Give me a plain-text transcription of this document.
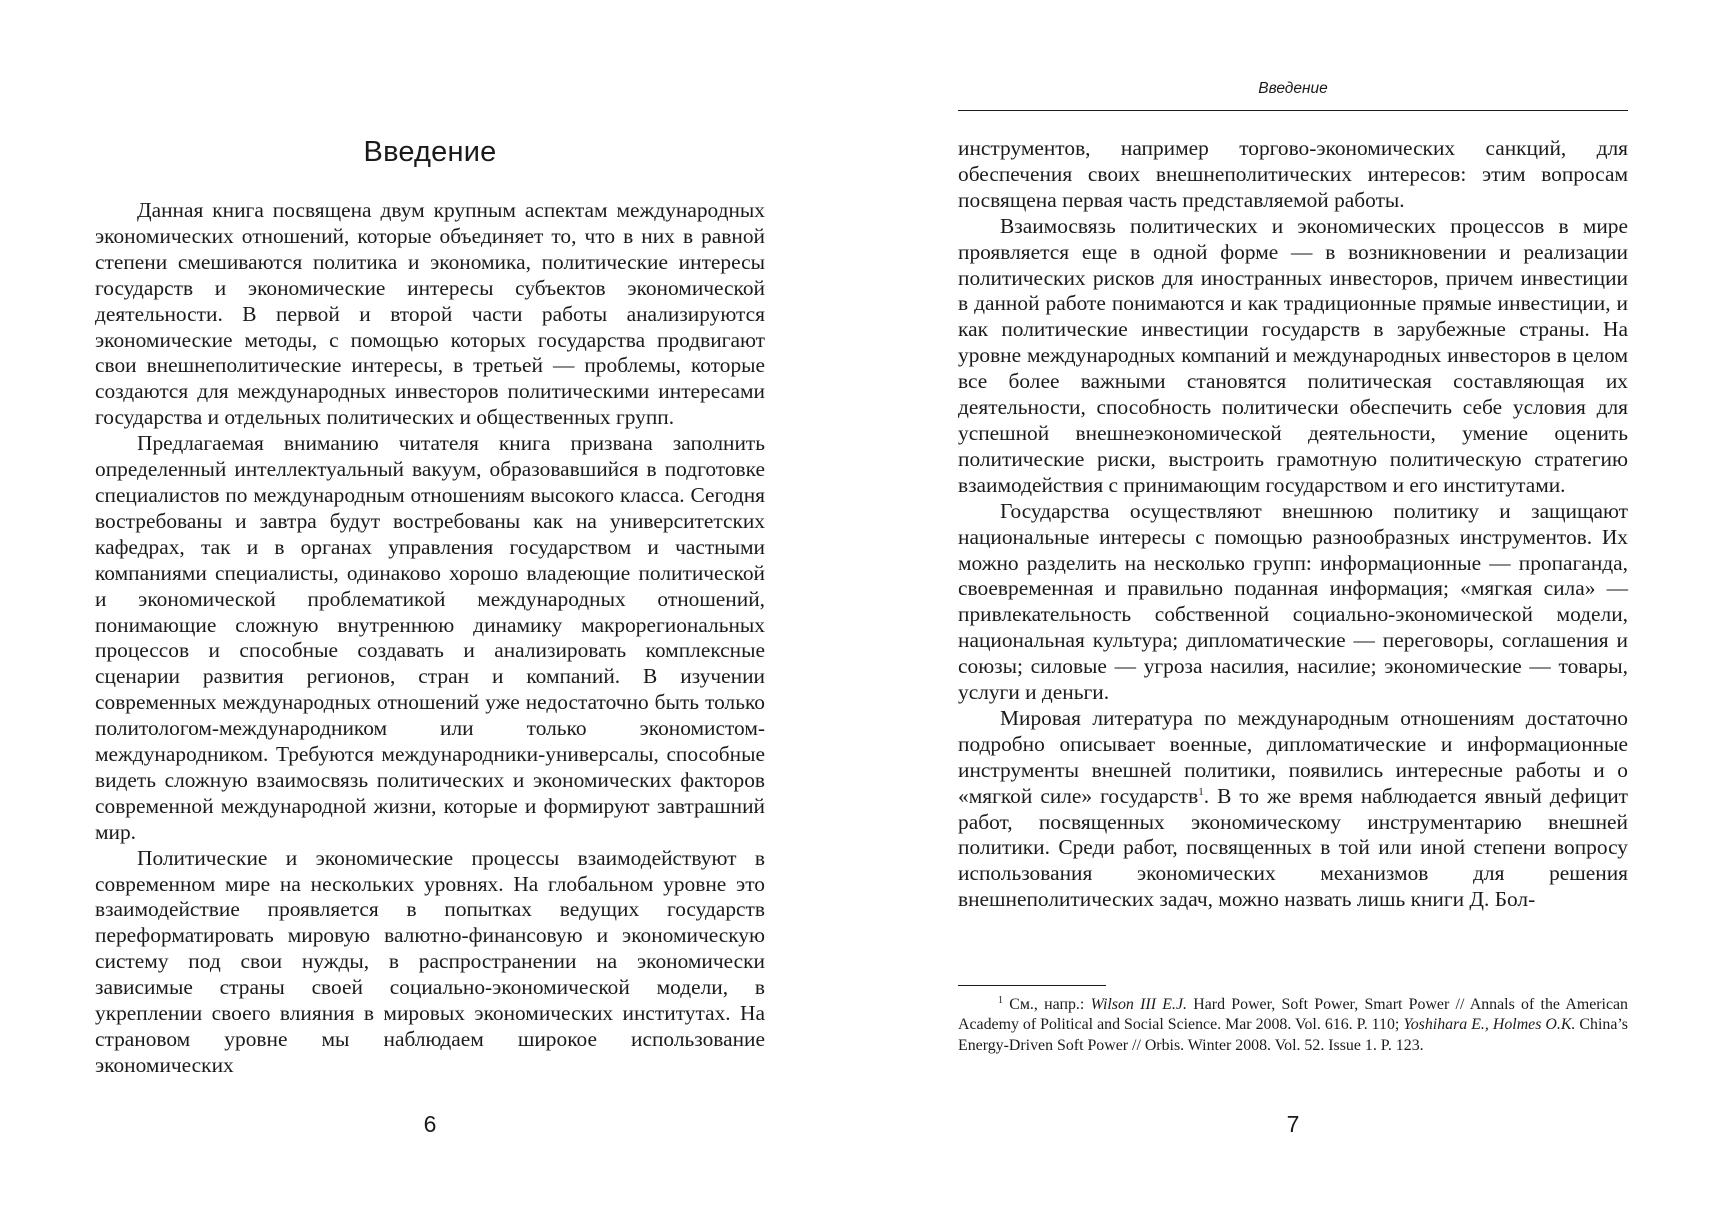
Введение

Данная книга посвящена двум крупным аспектам международных экономических отношений, которые объединяет то, что в них в равной степени смешиваются политика и экономика, политические интересы государств и экономические интересы субъектов экономической деятельности. В первой и второй части работы анализируются экономические методы, с помощью которых государства продвигают свои внешнеполитические интересы, в третьей — проблемы, которые создаются для международных инвесторов политическими интересами государства и отдельных политических и общественных групп.

Предлагаемая вниманию читателя книга призвана заполнить определенный интеллектуальный вакуум, образовавшийся в подготовке специалистов по международным отношениям высокого класса. Сегодня востребованы и завтра будут востребованы как на университетских кафедрах, так и в органах управления государством и частными компаниями специалисты, одинаково хорошо владеющие политической и экономической проблематикой международных отношений, понимающие сложную внутреннюю динамику макрорегиональных процессов и способные создавать и анализировать комплексные сценарии развития регионов, стран и компаний. В изучении современных международных отношений уже недостаточно быть только политологом-международником или только экономистом-международником. Требуются международники-универсалы, способные видеть сложную взаимосвязь политических и экономических факторов современной международной жизни, которые и формируют завтрашний мир.

Политические и экономические процессы взаимодействуют в современном мире на нескольких уровнях. На глобальном уровне это взаимодействие проявляется в попытках ведущих государств переформатировать мировую валютно-финансовую и экономическую систему под свои нужды, в распространении на экономически зависимые страны своей социально-экономической модели, в укреплении своего влияния в мировых экономических институтах. На страновом уровне мы наблюдаем широкое использование экономических

6
Введение

инструментов, например торгово-экономических санкций, для обеспечения своих внешнеполитических интересов: этим вопросам посвящена первая часть представляемой работы.

Взаимосвязь политических и экономических процессов в мире проявляется еще в одной форме — в возникновении и реализации политических рисков для иностранных инвесторов, причем инвестиции в данной работе понимаются и как традиционные прямые инвестиции, и как политические инвестиции государств в зарубежные страны. На уровне международных компаний и международных инвесторов в целом все более важными становятся политическая составляющая их деятельности, способность политически обеспечить себе условия для успешной внешнеэкономической деятельности, умение оценить политические риски, выстроить грамотную политическую стратегию взаимодействия с принимающим государством и его институтами.

Государства осуществляют внешнюю политику и защищают национальные интересы с помощью разнообразных инструментов. Их можно разделить на несколько групп: информационные — пропаганда, своевременная и правильно поданная информация; «мягкая сила» — привлекательность собственной социально-экономической модели, национальная культура; дипломатические — переговоры, соглашения и союзы; силовые — угроза насилия, насилие; экономические — товары, услуги и деньги.

Мировая литература по международным отношениям достаточно подробно описывает военные, дипломатические и информационные инструменты внешней политики, появились интересные работы и о «мягкой силе» государств$^1$. В то же время наблюдается явный дефицит работ, посвященных экономическому инструментарию внешней политики. Среди работ, посвященных в той или иной степени вопросу использования экономических механизмов для решения внешнеполитических задач, можно назвать лишь книги Д. Бол-

$^1$ См., напр.: Wilson III E.J. Hard Power, Soft Power, Smart Power // Annals of the American Academy of Political and Social Science. Mar 2008. Vol. 616. P. 110; Yoshihara E., Holmes O.K. China’s Energy-Driven Soft Power // Orbis. Winter 2008. Vol. 52. Issue 1. P. 123.

7
